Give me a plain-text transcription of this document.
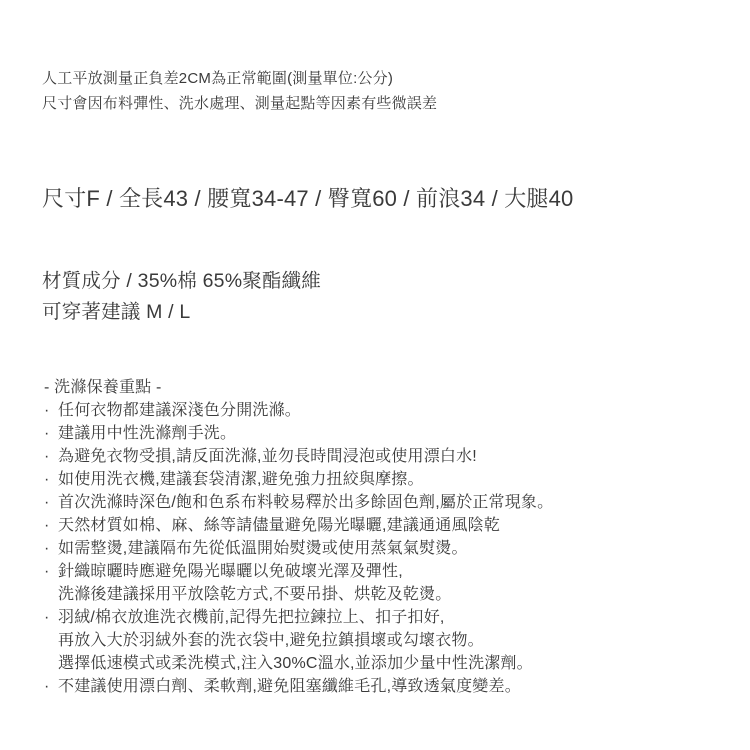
人工平放測量正負差2CM為正常範圍(測量單位:公分)
尺寸會因布料彈性、洗水處理、測量起點等因素有些微誤差
尺寸F / 全長43 / 腰寬34-47 / 臀寬60 / 前浪34 / 大腿40
材質成分 / 35%棉 65%聚酯纖維
可穿著建議 M / L
- 洗滌保養重點 -
· 任何衣物都建議深淺色分開洗滌。
· 建議用中性洗滌劑手洗。
· 為避免衣物受損,請反面洗滌,並勿長時間浸泡或使用漂白水!
· 如使用洗衣機,建議套袋清潔,避免強力扭絞與摩擦。
· 首次洗滌時深色/飽和色系布料較易釋於出多餘固色劑,屬於正常現象。
· 天然材質如棉、麻、絲等請儘量避免陽光曝曬,建議通通風陰乾
· 如需整燙,建議隔布先從低溫開始熨燙或使用蒸氣氣熨燙。
· 針織晾曬時應避免陽光曝曬以免破壞光澤及彈性,
洗滌後建議採用平放陰乾方式,不要吊掛、烘乾及乾燙。
· 羽絨/棉衣放進洗衣機前,記得先把拉鍊拉上、扣子扣好,
再放入大於羽絨外套的洗衣袋中,避免拉鎮損壞或勾壞衣物。
選擇低速模式或柔洗模式,注入30%C溫水,並添加少量中性洗潔劑。
· 不建議使用漂白劑、柔軟劑,避免阻塞纖維毛孔,導致透氣度變差。
